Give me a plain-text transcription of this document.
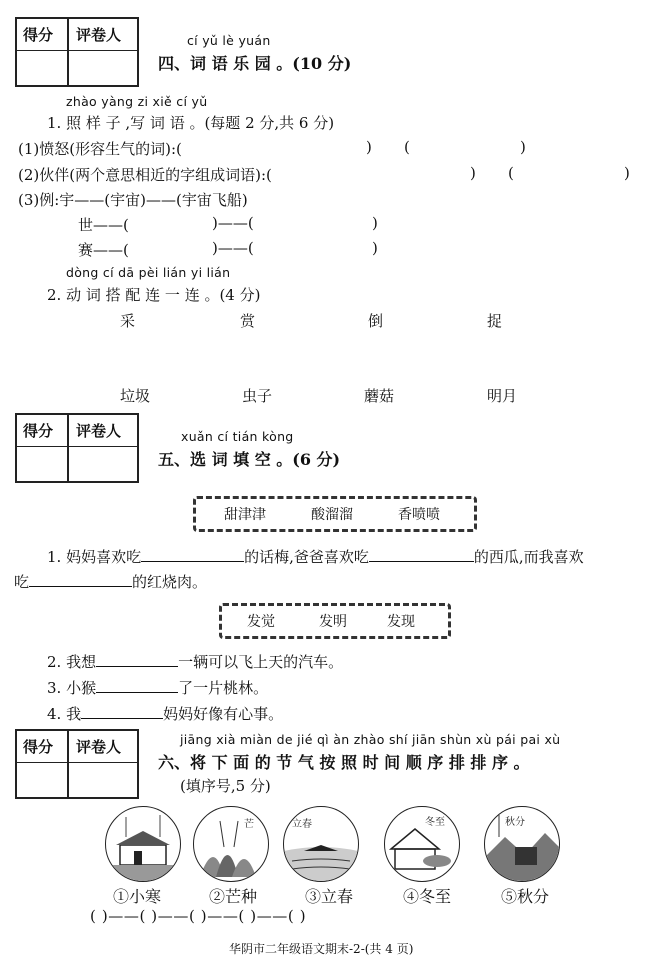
得分 评卷人	cí yǔ lè yuán
四、词 语 乐 园 。(10 分)
zhào yàng zi xiě cí yǔ
1. 照 样 子 ,写 词 语 。(每题 2 分,共 6 分)
(1)愤怒(形容生气的词):(	) (	)
(2)伙伴(两个意思相近的字组成词语):(	) (	)
(3)例:宇——(宇宙)——(宇宙飞船)
世——(	)——(	)
赛——(	)——(	)
dòng cí dā pèi lián yi lián
2. 动 词 搭 配 连 一 连 。(4 分)
采	赏	倒	捉
垃圾	虫子	蘑菇	明月
得分 评卷人	xuǎn cí tián kòng
五、选 词 填 空 。(6 分)
甜津津	酸溜溜	香喷喷
1. 妈妈喜欢吃	的话梅,爸爸喜欢吃	的西瓜,而我喜欢
吃	的红烧肉。
发觉	发明	发现
2. 我想	一辆可以飞上天的汽车。
3. 小猴	了一片桃林。
4. 我	妈妈好像有心事。
得分 评卷人	jiāng xià miàn de jié qì àn zhào shí jiān shùn xù pái pai xù
六、将 下 面 的 节 气 按 照 时 间 顺 序 排 排 序 。
(填序号,5 分)
芒	立春	冬至	秋分
①小寒	②芒种	③立春	④冬至	⑤秋分
( )——( )——( )——( )——( )
华阴市二年级语文期末-2-(共 4 页)
